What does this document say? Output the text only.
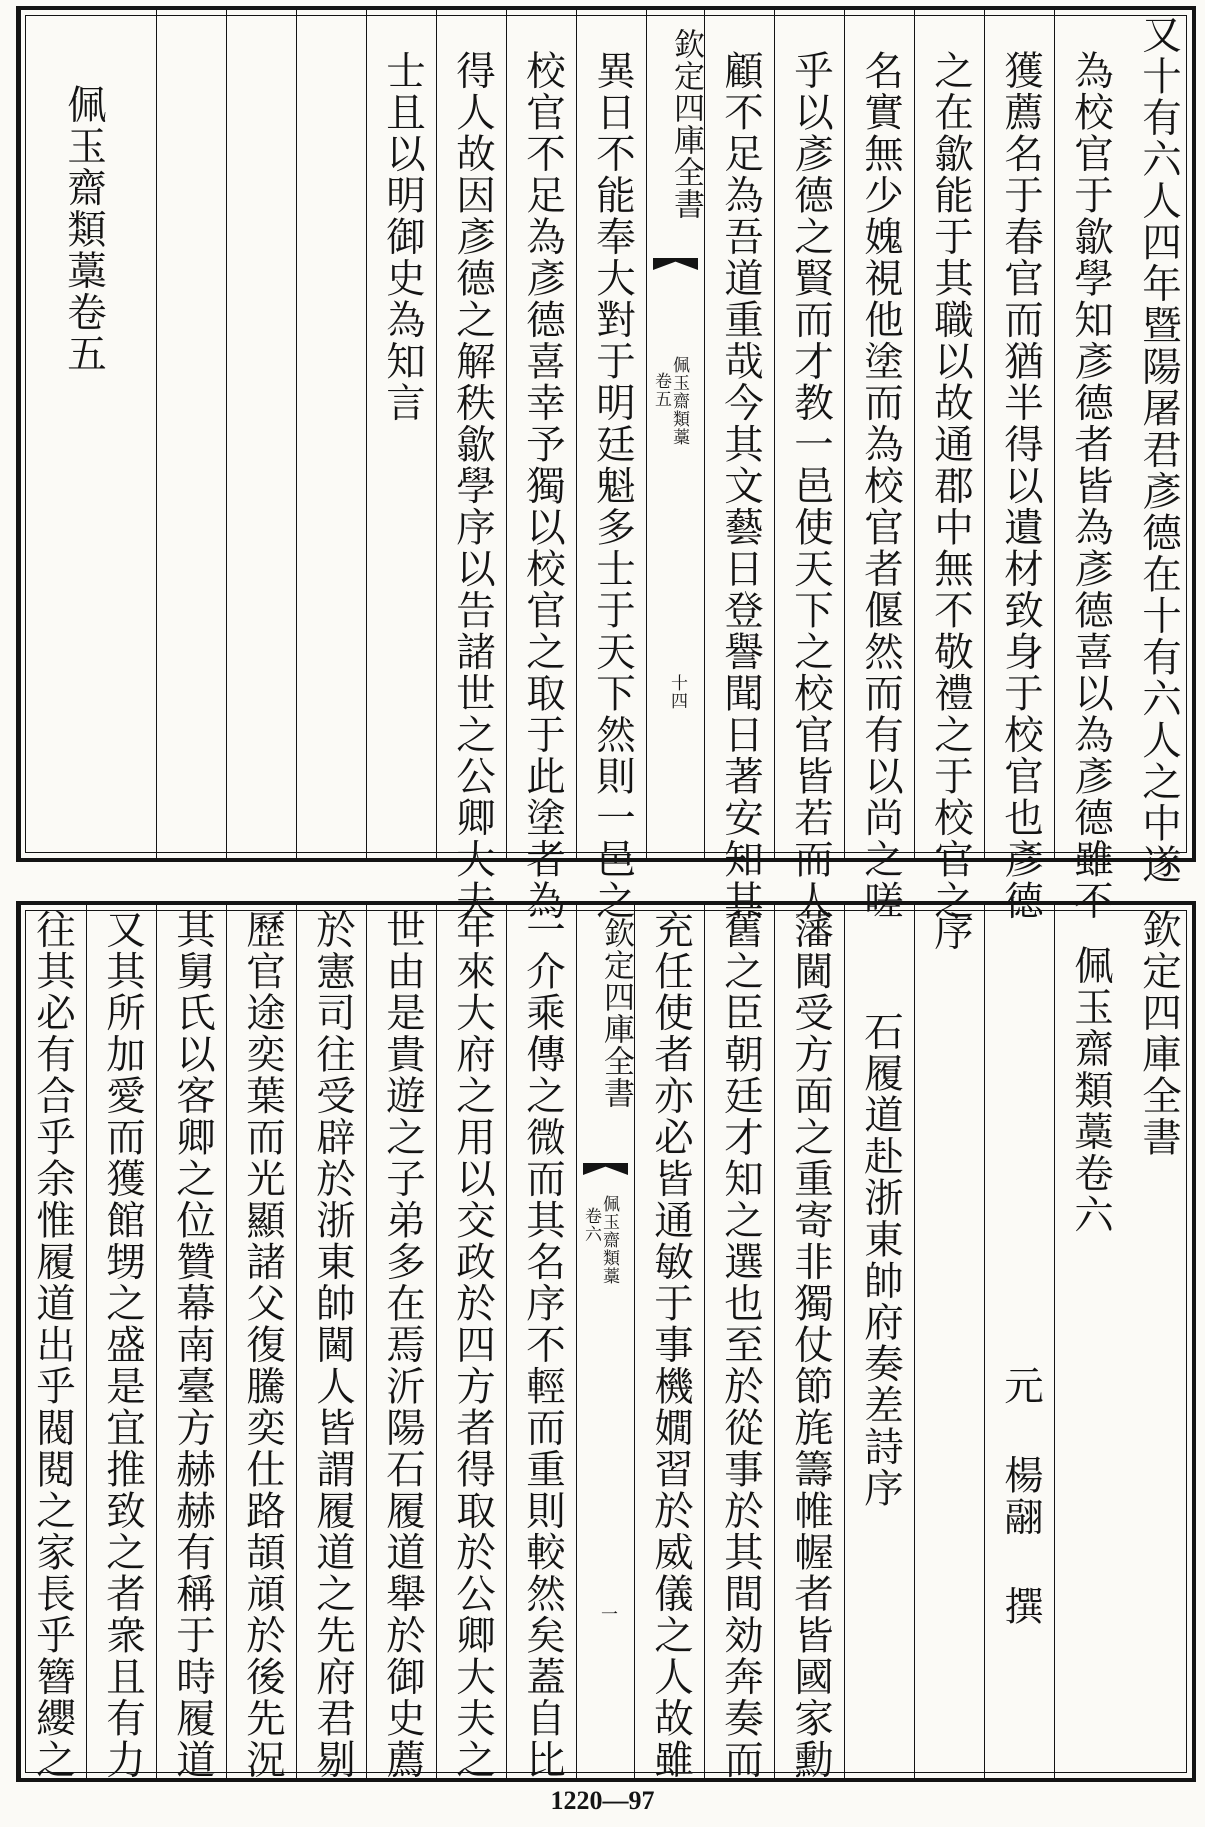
又十有六人四年暨陽屠君彥德在十有六人之中遂
為校官于歙學知彥德者皆為彥德喜以為彥德雖不
獲薦名于春官而猶半得以遺材致身于校官也彥德
之在歙能于其職以故通郡中無不敬禮之于校官之
名實無少媿視他塗而為校官者偃然而有以尚之嗟
乎以彥德之賢而才教一邑使天下之校官皆若而人
顧不足為吾道重哉今其文藝日登譽聞日著安知其
欽定四庫全書
佩玉齋類藁
卷五
十四
異日不能奉大對于明廷魁多士于天下然則一邑之
校官不足為彥德喜幸予獨以校官之取于此塗者為
得人故因彥德之解秩歙學序以告諸世之公卿大夫
士且以明御史為知言
佩玉齋類藁卷五
欽定四庫全書
佩玉齋類藁卷六
元 楊翮 撰
序
石履道赴浙東帥府奏差詩序
藩閫受方面之重寄非獨仗節旄籌帷幄者皆國家勳
舊之臣朝廷才知之選也至於從事於其間効奔奏而
充任使者亦必皆通敏于事機嫺習於威儀之人故雖
欽定四庫全書
佩玉齋類藁
卷六
一
一介乘傳之微而其名序不輕而重則較然矣蓋自比
年來大府之用以交政於四方者得取於公卿大夫之
世由是貴遊之子弟多在焉沂陽石履道舉於御史薦
於憲司往受辟於浙東帥閫人皆謂履道之先府君剔
歷官途奕葉而光顯諸父復騰奕仕路頡頏於後先況
其舅氏以客卿之位贊幕南臺方赫赫有稱于時履道
又其所加愛而獲館甥之盛是宜推致之者衆且有力
往其必有合乎余惟履道出乎閥閱之家長乎簪纓之
1220—97
